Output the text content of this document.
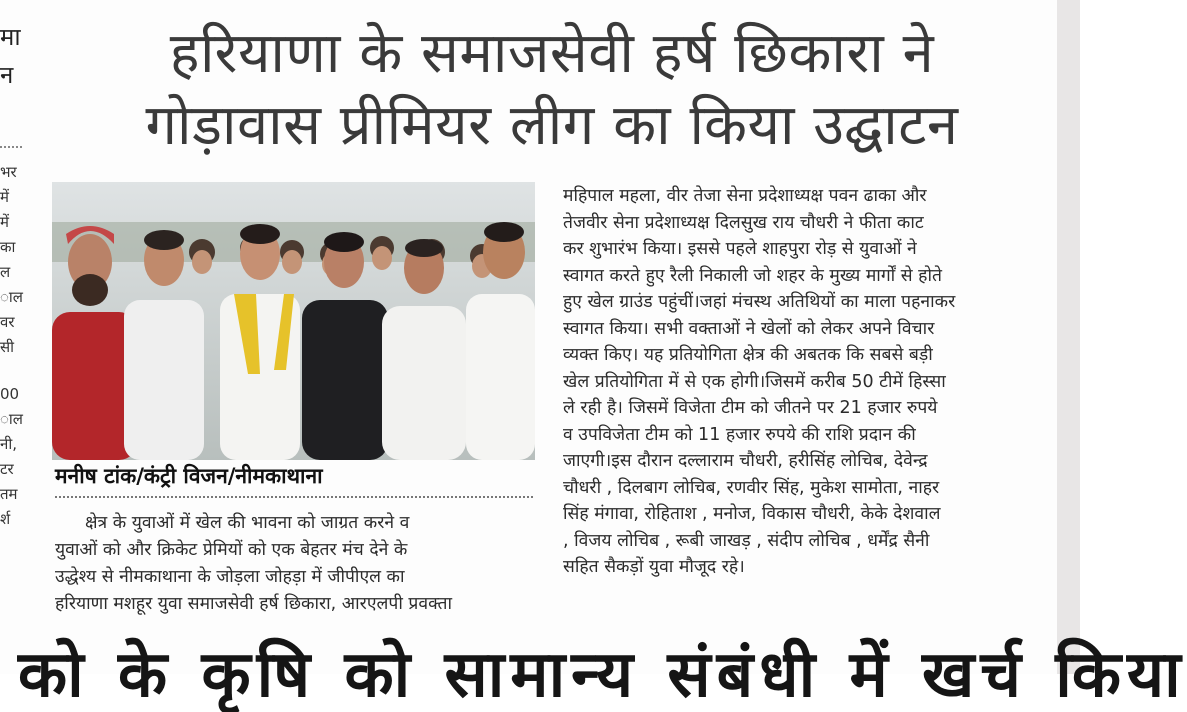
मा
न
भर
में
में
का
ल
ाल
वर
सी
00
ाल
नी,
टर
तम
र्श
हरियाणा के समाजसेवी हर्ष छिकारा ने
गोड़ावास प्रीमियर लीग का किया उद्घाटन
मनीष टांक/कंट्री विजन/नीमकाथाना
क्षेत्र के युवाओं में खेल की भावना को जाग्रत करने व
युवाओं को और क्रिकेट प्रेमियों को एक बेहतर मंच देने के
उद्धेश्य से नीमकाथाना के जोड़ला जोहड़ा में जीपीएल का
हरियाणा मशहूर युवा समाजसेवी हर्ष छिकारा, आरएलपी प्रवक्ता
महिपाल महला, वीर तेजा सेना प्रदेशाध्यक्ष पवन ढाका और
तेजवीर सेना प्रदेशाध्यक्ष दिलसुख राय चौधरी ने फीता काट
कर शुभारंभ किया। इससे पहले शाहपुरा रोड़ से युवाओं ने
स्वागत करते हुए रैली निकाली जो शहर के मुख्य मार्गों से होते
हुए खेल ग्राउंड पहुंचीं।जहां मंचस्थ अतिथियों का माला पहनाकर
स्वागत किया। सभी वक्ताओं ने खेलों को लेकर अपने विचार
व्यक्त किए। यह प्रतियोगिता क्षेत्र की अबतक कि सबसे बड़ी
खेल प्रतियोगिता में से एक होगी।जिसमें करीब 50 टीमें हिस्सा
ले रही है। जिसमें विजेता टीम को जीतने पर 21 हजार रुपये
व उपविजेता टीम को 11 हजार रुपये की राशि प्रदान की
जाएगी।इस दौरान दल्लाराम चौधरी, हरीसिंह लोचिब, देवेन्द्र
चौधरी , दिलबाग लोचिब, रणवीर सिंह, मुकेश सामोता, नाहर
सिंह मंगावा, रोहिताश , मनोज, विकास चौधरी, केके देशवाल
, विजय लोचिब , रूबी जाखड़ , संदीप लोचिब , धर्मेंद्र सैनी
सहित सैकड़ों युवा मौजूद रहे।
को के कृषि को सामान्य संबंधी में खर्च किया
